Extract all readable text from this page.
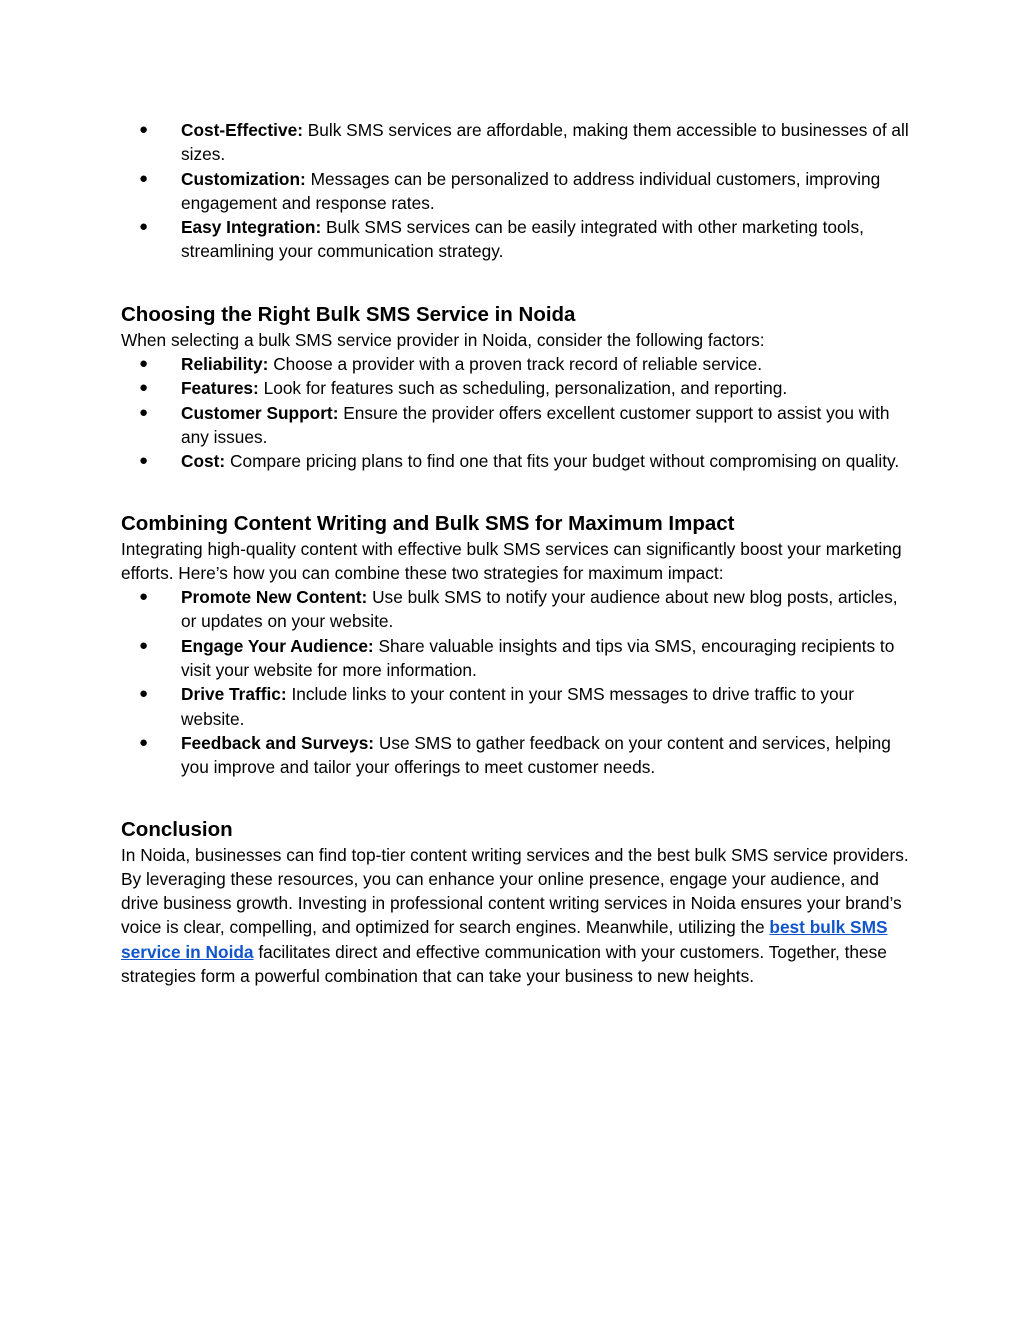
● Cost-Effective: Bulk SMS services are affordable, making them accessible to businesses of all sizes.
● Customization: Messages can be personalized to address individual customers, improving engagement and response rates.
● Easy Integration: Bulk SMS services can be easily integrated with other marketing tools, streamlining your communication strategy.
Choosing the Right Bulk SMS Service in Noida

When selecting a bulk SMS service provider in Noida, consider the following factors:

● Reliability: Choose a provider with a proven track record of reliable service.
● Features: Look for features such as scheduling, personalization, and reporting.
● Customer Support: Ensure the provider offers excellent customer support to assist you with any issues.
● Cost: Compare pricing plans to find one that fits your budget without compromising on quality.
Combining Content Writing and Bulk SMS for Maximum Impact

Integrating high-quality content with effective bulk SMS services can significantly boost your marketing efforts. Here’s how you can combine these two strategies for maximum impact:

● Promote New Content: Use bulk SMS to notify your audience about new blog posts, articles, or updates on your website.
● Engage Your Audience: Share valuable insights and tips via SMS, encouraging recipients to visit your website for more information.
● Drive Traffic: Include links to your content in your SMS messages to drive traffic to your website.
● Feedback and Surveys: Use SMS to gather feedback on your content and services, helping you improve and tailor your offerings to meet customer needs.
Conclusion

In Noida, businesses can find top-tier content writing services and the best bulk SMS service providers. By leveraging these resources, you can enhance your online presence, engage your audience, and drive business growth. Investing in professional content writing services in Noida ensures your brand’s voice is clear, compelling, and optimized for search engines. Meanwhile, utilizing the best bulk SMS service in Noida facilitates direct and effective communication with your customers. Together, these strategies form a powerful combination that can take your business to new heights.
